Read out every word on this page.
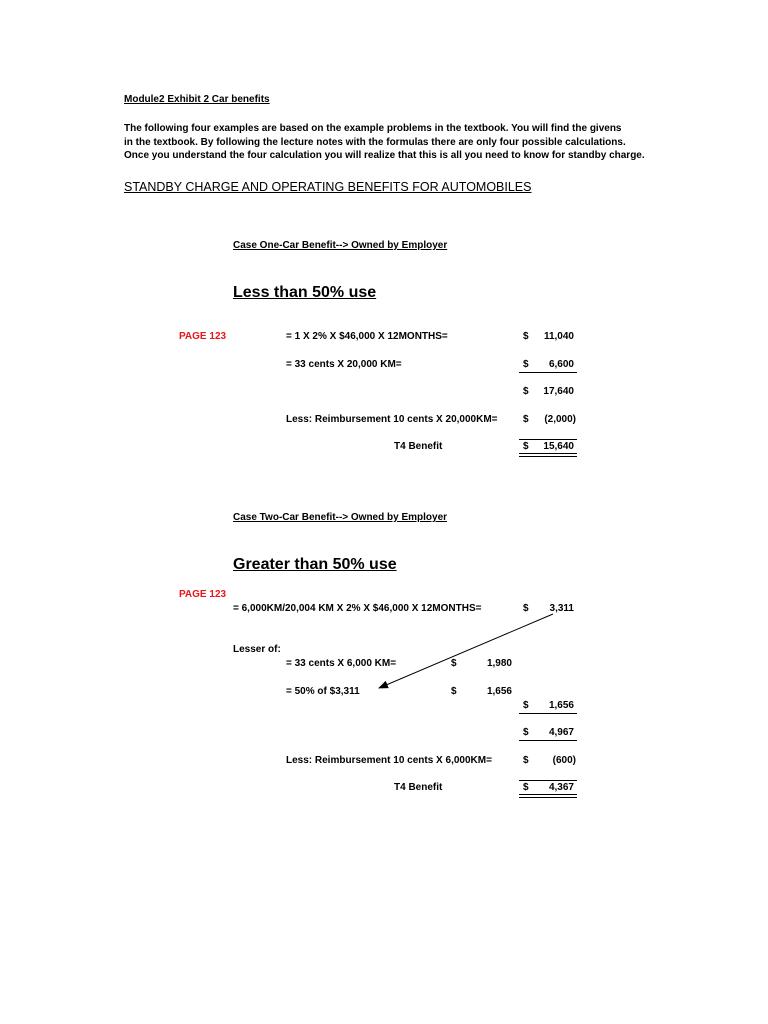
Module2 Exhibit 2 Car benefits
The following four examples are based on the example problems in the textbook. You will find the givens
in the textbook. By following the lecture notes with the formulas there are only four possible calculations.
Once you understand the four calculation you will realize that this is all you need to know for standby charge.
STANDBY CHARGE AND OPERATING BENEFITS FOR AUTOMOBILES
Case One-Car Benefit--> Owned by Employer
Less than 50% use
PAGE 123	= 1 X 2% X $46,000 X 12MONTHS=	$	11,040
= 33 cents X 20,000 KM=	$	6,600
$	17,640
Less: Reimbursement 10 cents X 20,000KM=	$	(2,000)
T4 Benefit	$	15,640
Case Two-Car Benefit--> Owned by Employer
Greater than 50% use
PAGE 123
= 6,000KM/20,004 KM X 2% X $46,000 X 12MONTHS=	$	3,311
Lesser of:
= 33 cents X 6,000 KM=	$	1,980
= 50% of $3,311	$	1,656
$	1,656
$	4,967
Less: Reimbursement 10 cents X 6,000KM=	$	(600)
T4 Benefit	$	4,367
